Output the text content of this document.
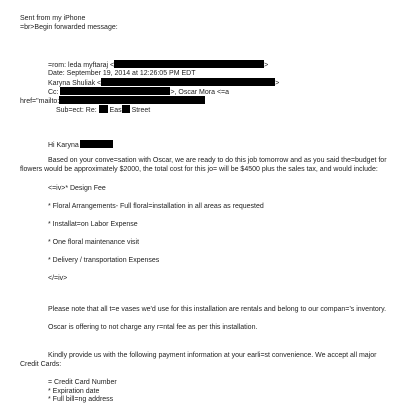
Sent from my iPhone
=br>Begin forwarded message:
=rom: leda myftaraj <	>
Date: September 19, 2014 at 12:26:05 PM EDT
Karyna Shuliak <	>
Cc:	>, Oscar Mora <=a
href="mailto:
Sub=ect: Re:  Eas Street
Hi Karyna
Based on your conve=sation with Oscar, we are ready to do this job tomorrow and as you said the=budget for flowers would be approximately $2000, the total cost for this jo= will be $4500 plus the sales tax, and would include:
<=iv>* Design Fee
* Floral Arrangements- Full floral=installation in all areas as requested
* Installat=on Labor Expense
* One floral maintenance visit
* Delivery / transportation Expenses
</=iv>
Please note that all t=e vases we'd use for this installation are rentals and belong to our compan=’s inventory.
Oscar is offering to not charge any r=ntal fee as per this installation.
Kindly provide us with the following payment information at your earli=st convenience. We accept all major Credit Cards:
= Credit Card Number
* Expiration date
* Full bill=ng address
